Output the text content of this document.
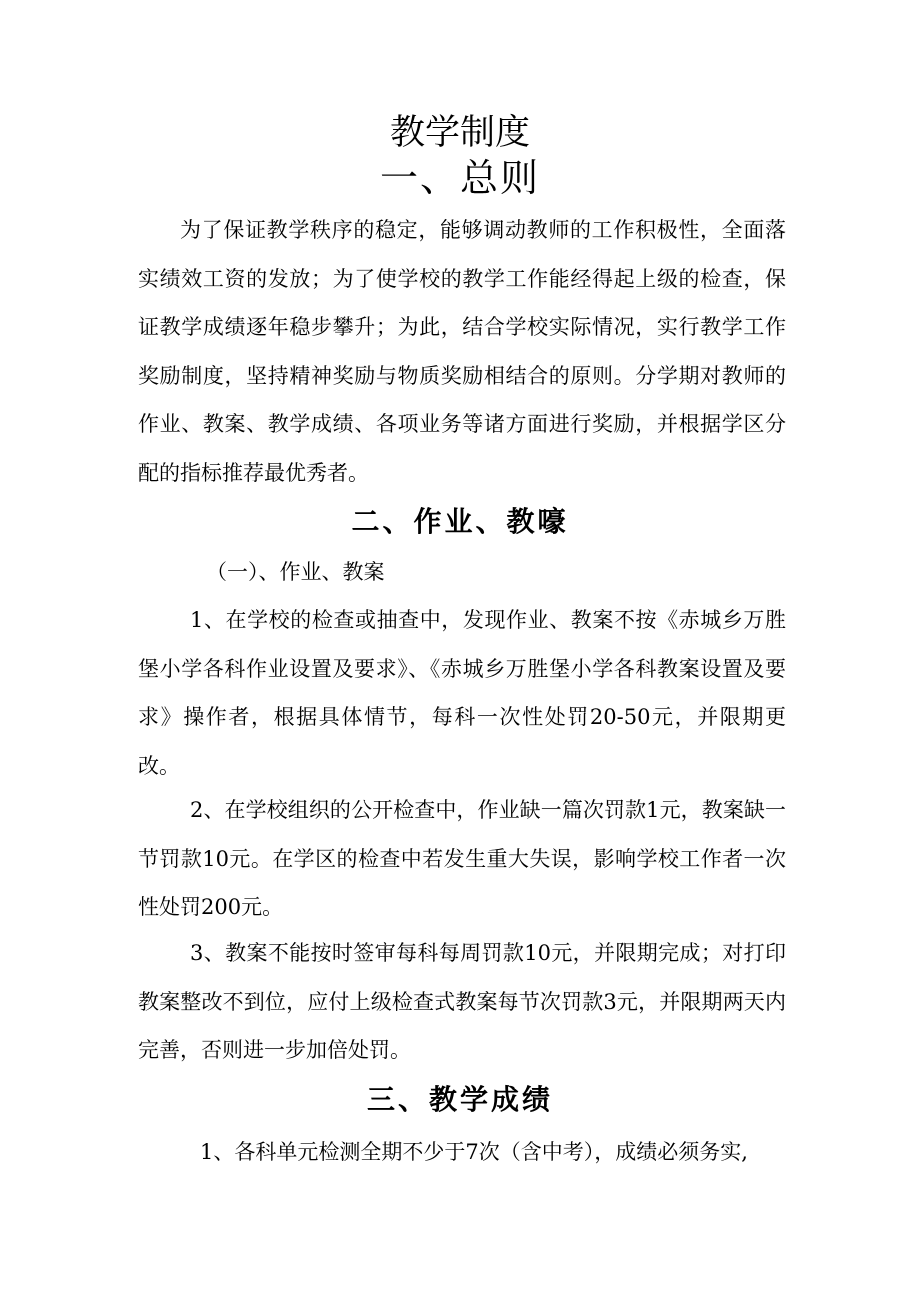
教学制度
一、总则
为了保证教学秩序的稳定，能够调动教师的工作积极性，全面落实绩效工资的发放；为了使学校的教学工作能经得起上级的检查，保证教学成绩逐年稳步攀升；为此，结合学校实际情况，实行教学工作奖励制度，坚持精神奖励与物质奖励相结合的原则。分学期对教师的作业、教案、教学成绩、各项业务等诸方面进行奖励，并根据学区分配的指标推荐最优秀者。
二、作业、教嚎
（一）、作业、教案
1、在学校的检查或抽查中，发现作业、教案不按《赤城乡万胜堡小学各科作业设置及要求》、《赤城乡万胜堡小学各科教案设置及要求》操作者，根据具体情节，每科一次性处罚20-50元，并限期更改。
2、在学校组织的公开检查中，作业缺一篇次罚款1元，教案缺一节罚款10元。在学区的检查中若发生重大失误，影响学校工作者一次性处罚200元。
3、教案不能按时签审每科每周罚款10元，并限期完成；对打印教案整改不到位，应付上级检查式教案每节次罚款3元，并限期两天内完善，否则进一步加倍处罚。
三、教学成绩
1、各科单元检测全期不少于7次（含中考），成绩必须务实,
